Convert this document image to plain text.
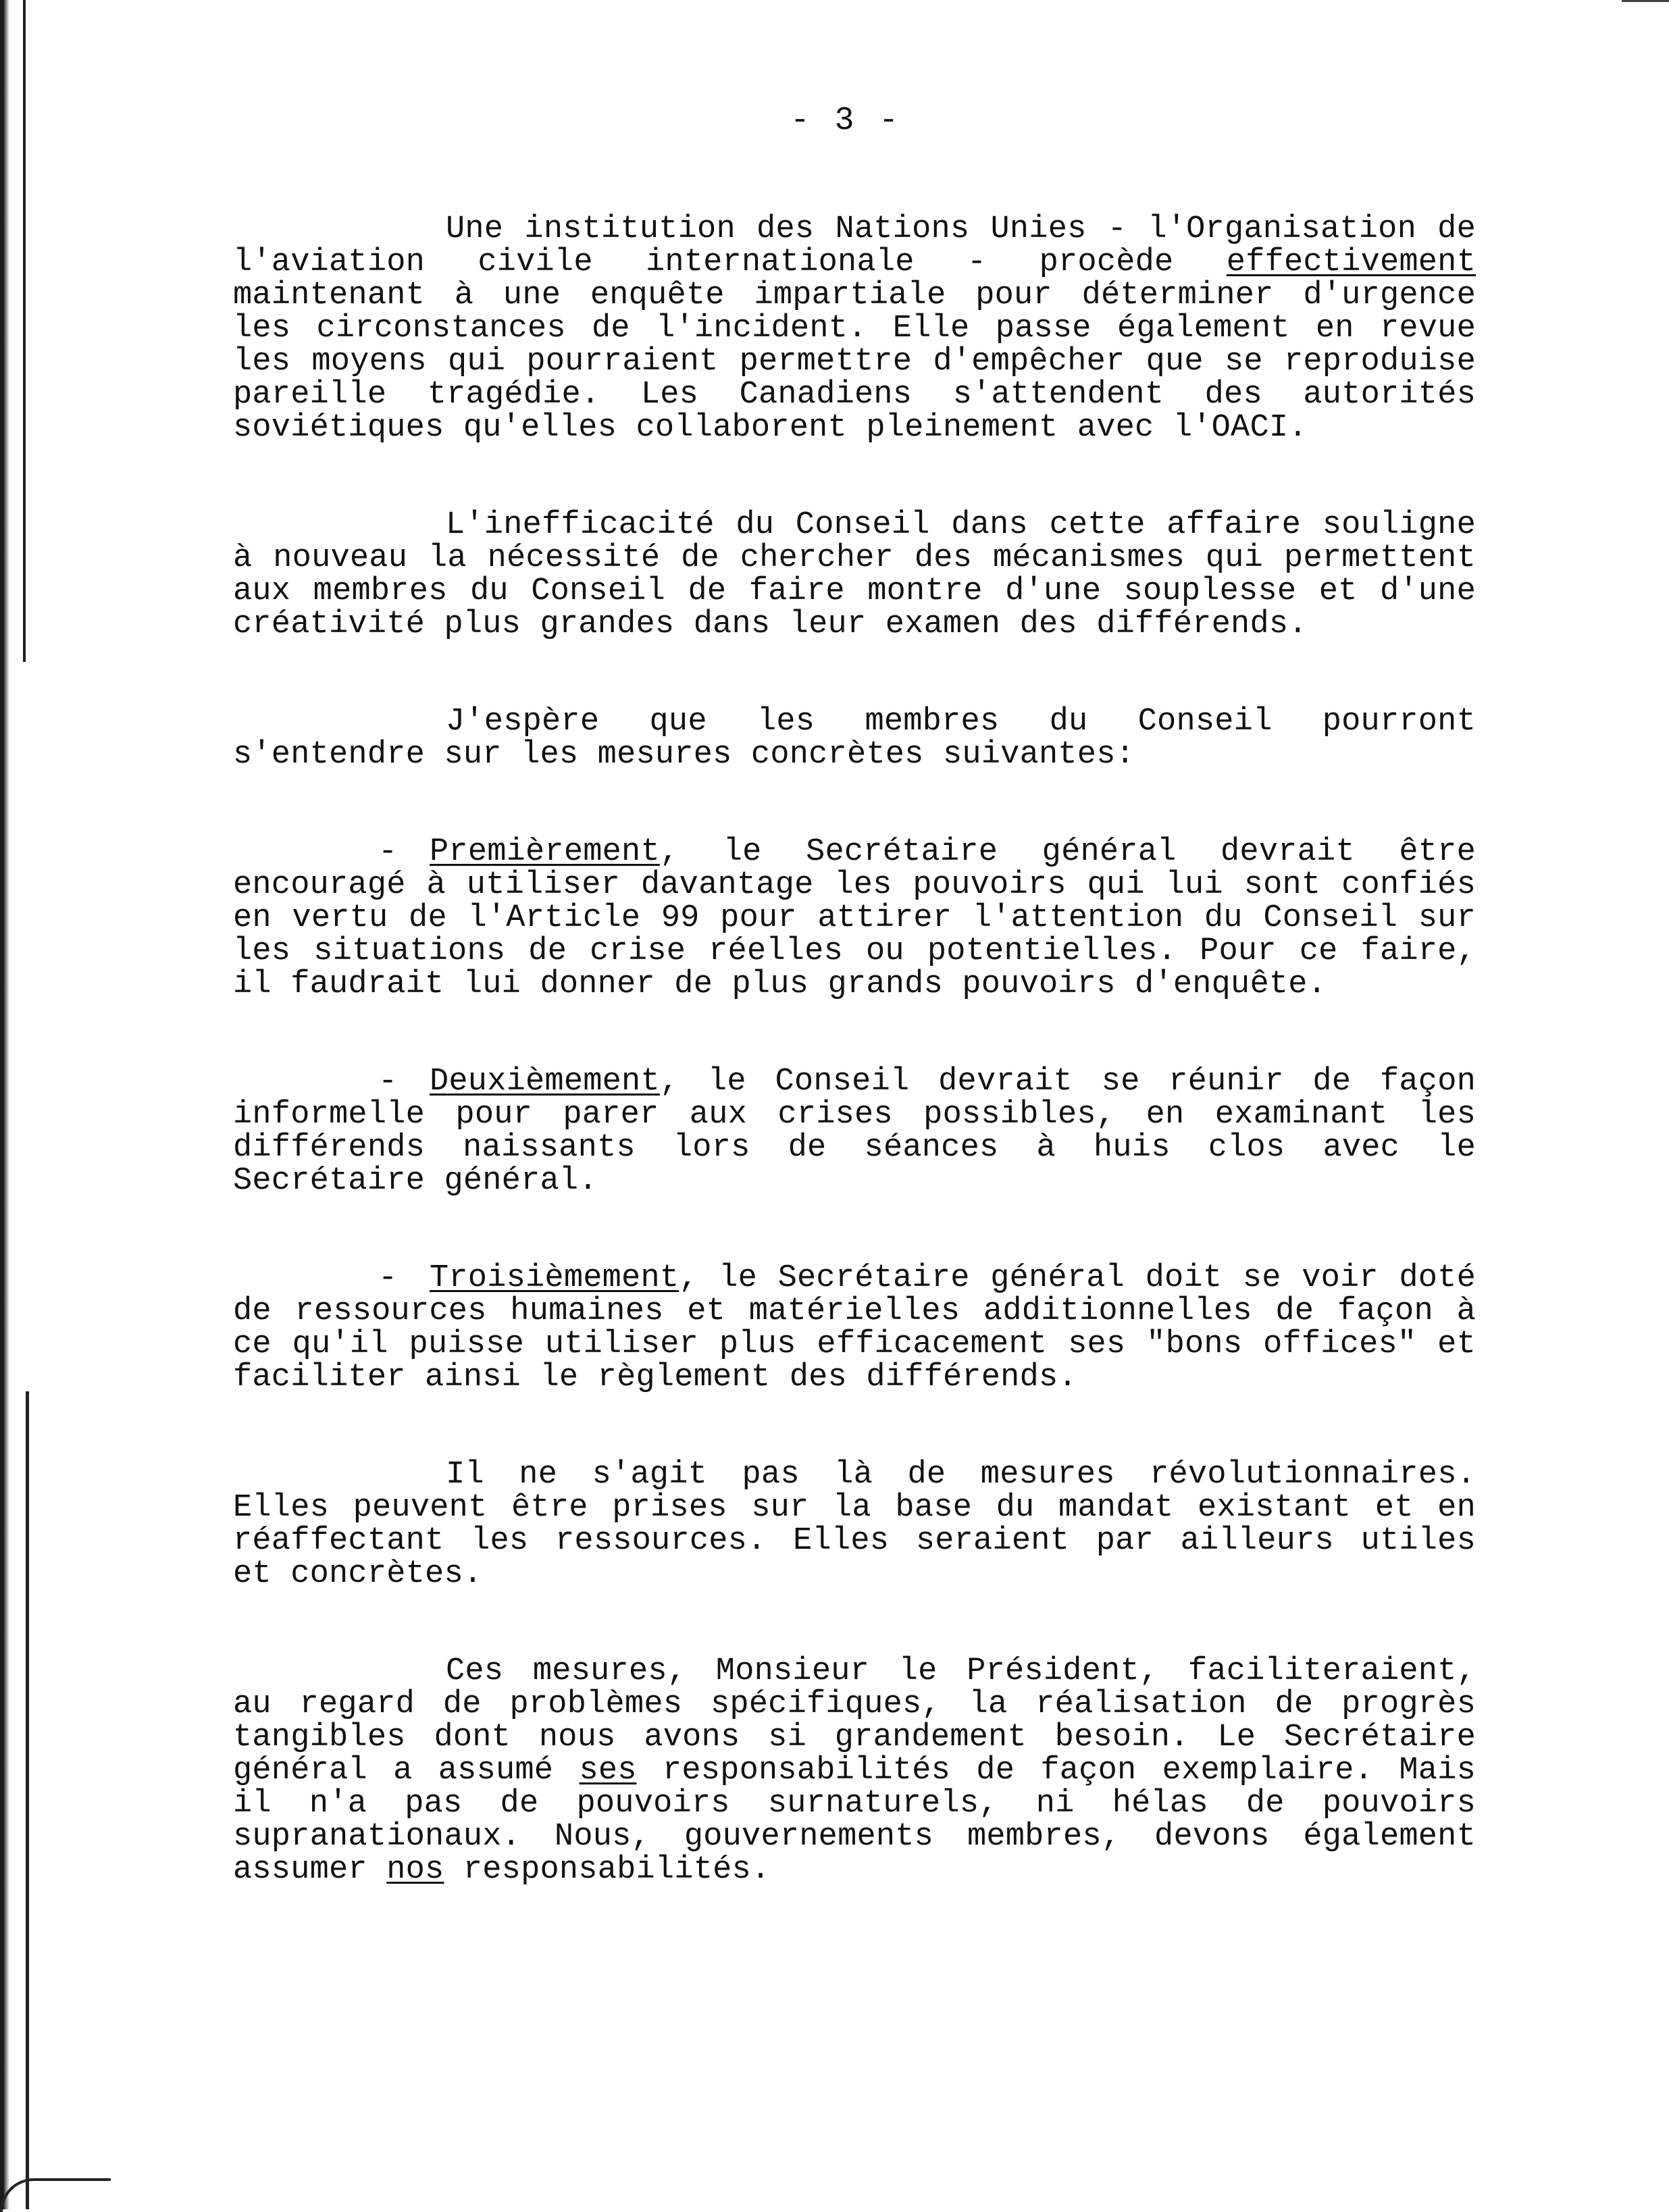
- 3 -

Une institution des Nations Unies - l'Organisation de l'aviation civile internationale - procède effectivement maintenant à une enquête impartiale pour déterminer d'urgence les circonstances de l'incident. Elle passe également en revue les moyens qui pourraient permettre d'empêcher que se reproduise pareille tragédie. Les Canadiens s'attendent des autorités soviétiques qu'elles collaborent pleinement avec l'OACI.

L'inefficacité du Conseil dans cette affaire souligne à nouveau la nécessité de chercher des mécanismes qui permettent aux membres du Conseil de faire montre d'une souplesse et d'une créativité plus grandes dans leur examen des différends.

J'espère que les membres du Conseil pourront s'entendre sur les mesures concrètes suivantes:

- Premièrement, le Secrétaire général devrait être encouragé à utiliser davantage les pouvoirs qui lui sont confiés en vertu de l'Article 99 pour attirer l'attention du Conseil sur les situations de crise réelles ou potentielles. Pour ce faire, il faudrait lui donner de plus grands pouvoirs d'enquête.

- Deuxièmement, le Conseil devrait se réunir de façon informelle pour parer aux crises possibles, en examinant les différends naissants lors de séances à huis clos avec le Secrétaire général.

- Troisièmement, le Secrétaire général doit se voir doté de ressources humaines et matérielles additionnelles de façon à ce qu'il puisse utiliser plus efficacement ses "bons offices" et faciliter ainsi le règlement des différends.

Il ne s'agit pas là de mesures révolutionnaires. Elles peuvent être prises sur la base du mandat existant et en réaffectant les ressources. Elles seraient par ailleurs utiles et concrètes.

Ces mesures, Monsieur le Président, faciliteraient, au regard de problèmes spécifiques, la réalisation de progrès tangibles dont nous avons si grandement besoin. Le Secrétaire général a assumé ses responsabilités de façon exemplaire. Mais il n'a pas de pouvoirs surnaturels, ni hélas de pouvoirs supranationaux. Nous, gouvernements membres, devons également assumer nos responsabilités.
